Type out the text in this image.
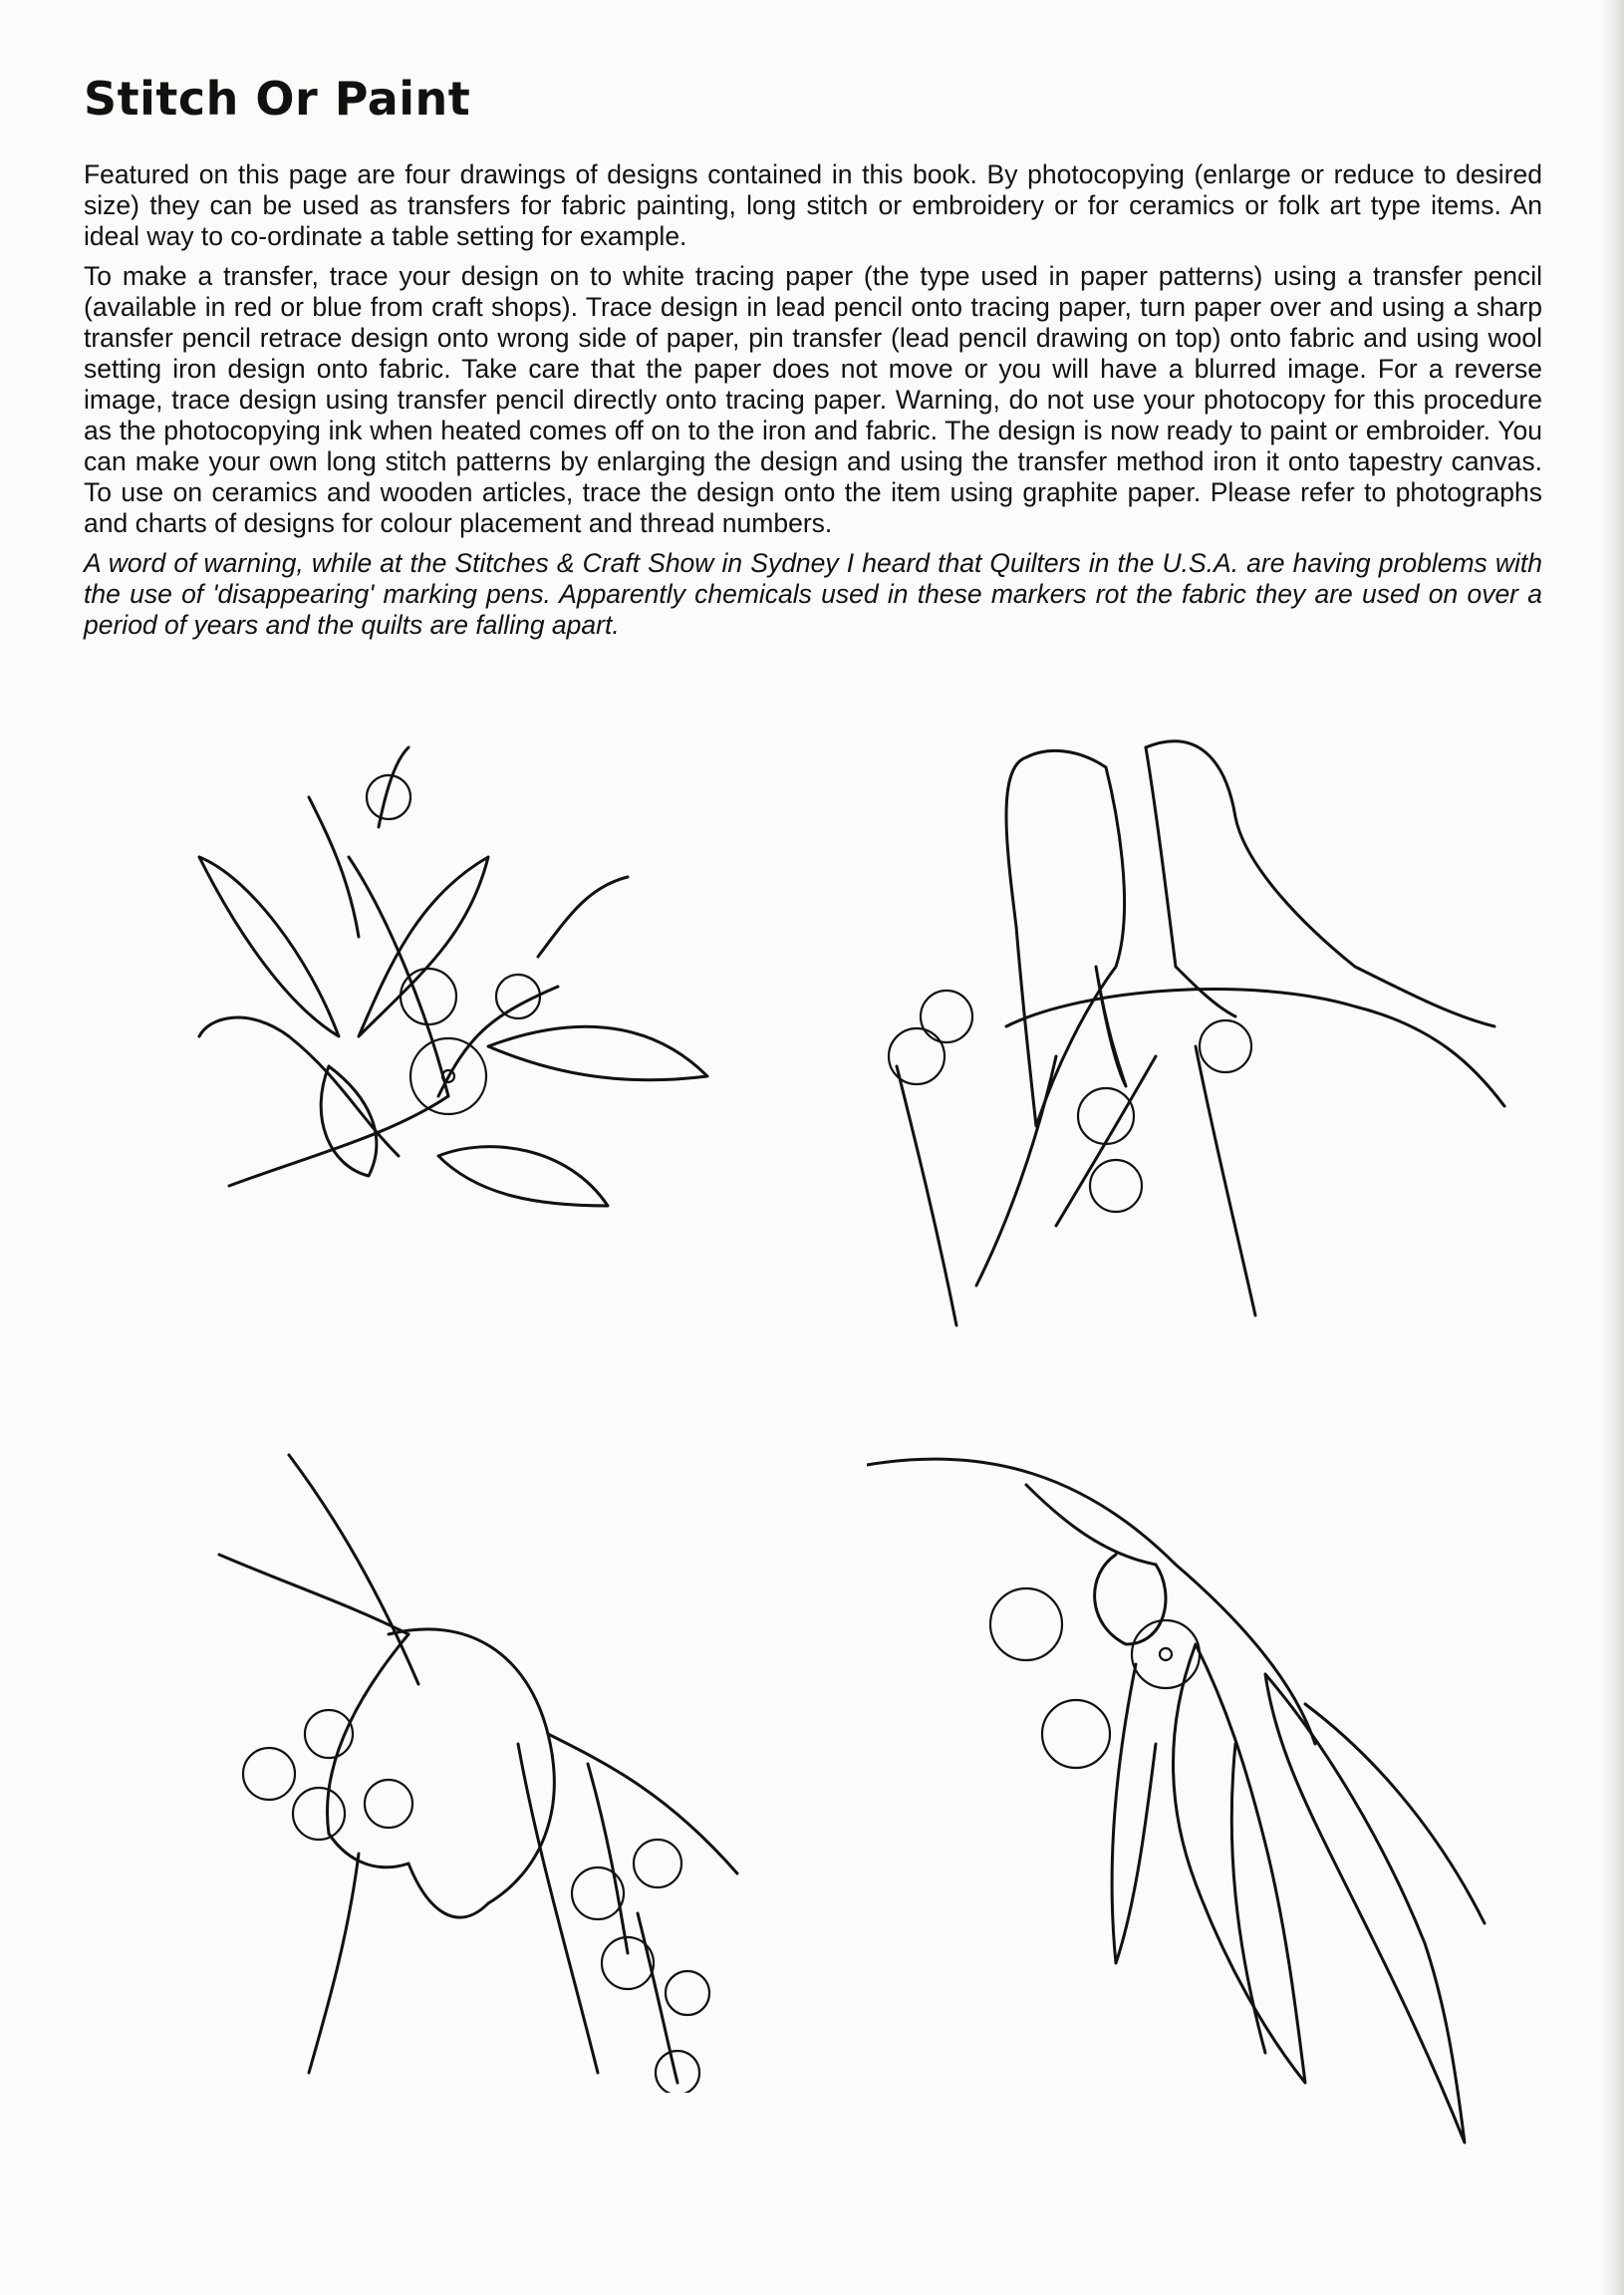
Stitch Or Paint

Featured on this page are four drawings of designs contained in this book. By photocopying (enlarge or reduce to desired size) they can be used as transfers for fabric painting, long stitch or embroidery or for ceramics or folk art type items. An ideal way to co-ordinate a table setting for example.

To make a transfer, trace your design on to white tracing paper (the type used in paper patterns) using a transfer pencil (available in red or blue from craft shops). Trace design in lead pencil onto tracing paper, turn paper over and using a sharp transfer pencil retrace design onto wrong side of paper, pin transfer (lead pencil drawing on top) onto fabric and using wool setting iron design onto fabric. Take care that the paper does not move or you will have a blurred image. For a reverse image, trace design using transfer pencil directly onto tracing paper. Warning, do not use your photocopy for this procedure as the photocopying ink when heated comes off on to the iron and fabric. The design is now ready to paint or embroider. You can make your own long stitch patterns by enlarging the design and using the transfer method iron it onto tapestry canvas. To use on ceramics and wooden articles, trace the design onto the item using graphite paper. Please refer to photographs and charts of designs for colour placement and thread numbers.

A word of warning, while at the Stitches & Craft Show in Sydney I heard that Quilters in the U.S.A. are having problems with the use of 'disappearing' marking pens. Apparently chemicals used in these markers rot the fabric they are used on over a period of years and the quilts are falling apart.
